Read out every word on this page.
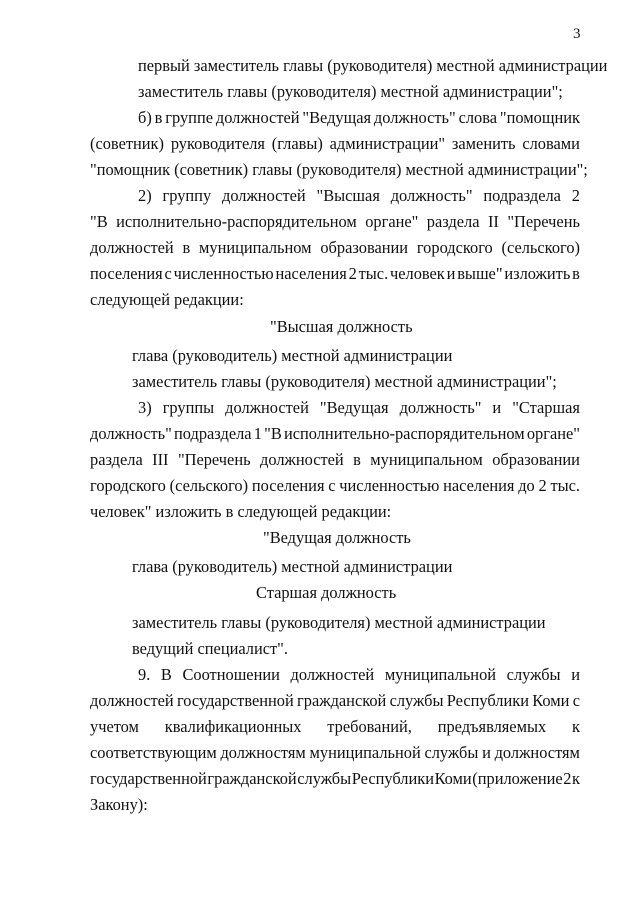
3
первый заместитель главы (руководителя) местной администрации
заместитель главы (руководителя) местной администрации";
б) в группе должностей "Ведущая должность" слова "помощник
(советник) руководителя (главы) администрации" заменить словами
"помощник (советник) главы (руководителя) местной администрации";
2) группу должностей "Высшая должность" подраздела 2
"В исполнительно-распорядительном органе" раздела II "Перечень
должностей в муниципальном образовании городского (сельского)
поселения с численностью населения 2 тыс. человек и выше" изложить в
следующей редакции:
"Высшая должность
глава (руководитель) местной администрации
заместитель главы (руководителя) местной администрации";
3) группы должностей "Ведущая должность" и "Старшая
должность" подраздела 1 "В исполнительно-распорядительном органе"
раздела III "Перечень должностей в муниципальном образовании
городского (сельского) поселения с численностью населения до 2 тыс.
человек" изложить в следующей редакции:
"Ведущая должность
глава (руководитель) местной администрации
Старшая должность
заместитель главы (руководителя) местной администрации
ведущий специалист".
9. В Соотношении должностей муниципальной службы и
должностей государственной гражданской службы Республики Коми с
учетом квалификационных требований, предъявляемых к
соответствующим должностям муниципальной службы и должностям
государственной гражданской службы Республики Коми (приложение 2 к
Закону):
